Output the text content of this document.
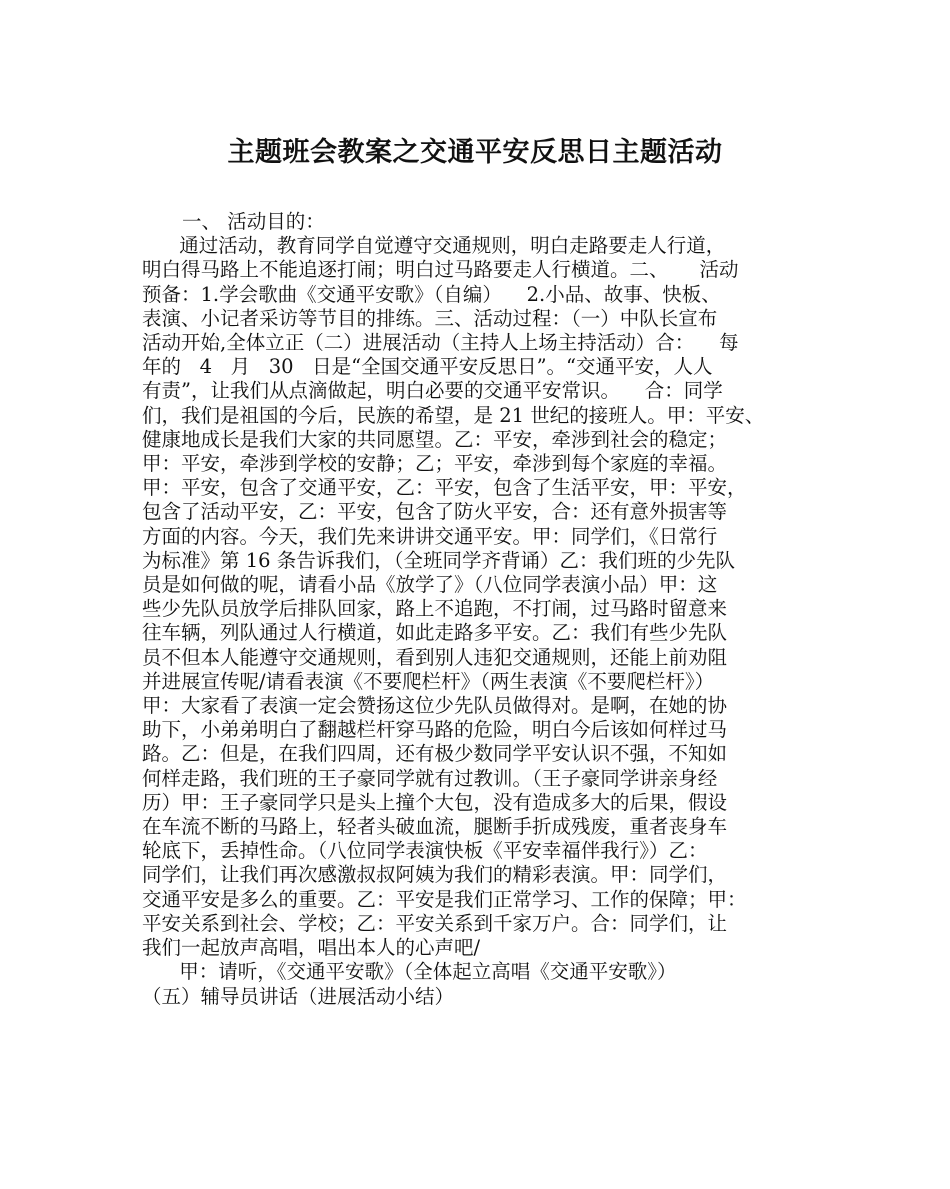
主题班会教案之交通平安反思日主题活动
一、 活动目的：
通过活动，教育同学自觉遵守交通规则，明白走路要走人行道，
明白得马路上不能追逐打闹；明白过马路要走人行横道。二、     活动
预备：1.学会歌曲《交通平安歌》（自编）    2.小品、故事、快板、
表演、小记者采访等节目的排练。三、活动过程：（一）中队长宣布
活动开始,全体立正（二）进展活动（主持人上场主持活动）合：    每
年的   4   月   30   日是“全国交通平安反思日”。“交通平安，人人
有责”，让我们从点滴做起，明白必要的交通平安常识。    合：同学
们，我们是祖国的今后，民族的希望，是 21 世纪的接班人。甲：平安、
健康地成长是我们大家的共同愿望。乙：平安，牵涉到社会的稳定；
甲：平安，牵涉到学校的安静；乙；平安，牵涉到每个家庭的幸福。
甲：平安，包含了交通平安，乙：平安，包含了生活平安，甲：平安，
包含了活动平安，乙：平安，包含了防火平安，合：还有意外损害等
方面的内容。今天，我们先来讲讲交通平安。甲：同学们，《日常行
为标准》第 16 条告诉我们，（全班同学齐背诵）乙：我们班的少先队
员是如何做的呢，请看小品《放学了》（八位同学表演小品）甲：这
些少先队员放学后排队回家，路上不追跑，不打闹，过马路时留意来
往车辆，列队通过人行横道，如此走路多平安。乙：我们有些少先队
员不但本人能遵守交通规则，看到别人违犯交通规则，还能上前劝阻
并进展宣传呢/请看表演《不要爬栏杆》（两生表演《不要爬栏杆》）
甲：大家看了表演一定会赞扬这位少先队员做得对。是啊，在她的协
助下，小弟弟明白了翻越栏杆穿马路的危险，明白今后该如何样过马
路。乙：但是，在我们四周，还有极少数同学平安认识不强，不知如
何样走路，我们班的王子豪同学就有过教训。（王子豪同学讲亲身经
历）甲：王子豪同学只是头上撞个大包，没有造成多大的后果，假设
在车流不断的马路上，轻者头破血流，腿断手折成残废，重者丧身车
轮底下，丢掉性命。（八位同学表演快板《平安幸福伴我行》）乙：
同学们，让我们再次感激叔叔阿姨为我们的精彩表演。甲：同学们，
交通平安是多么的重要。乙：平安是我们正常学习、工作的保障；甲：
平安关系到社会、学校；乙：平安关系到千家万户。合：同学们，让
我们一起放声高唱，唱出本人的心声吧/
甲：请听，《交通平安歌》（全体起立高唱《交通平安歌》）
（五）辅导员讲话（进展活动小结）
